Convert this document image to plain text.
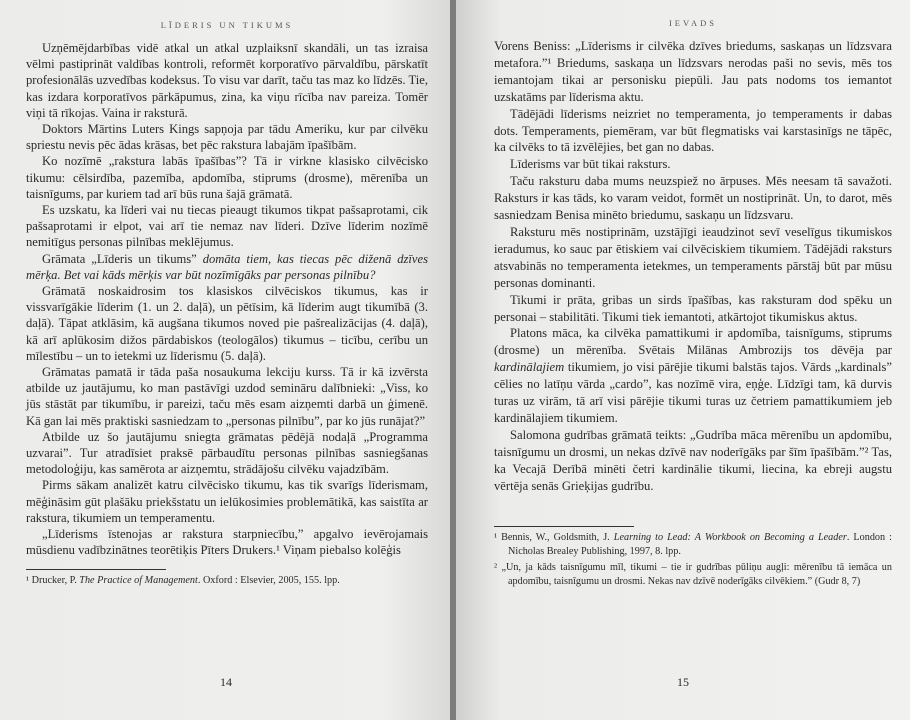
LĪDERIS UN TIKUMS

Uzņēmējdarbības vidē atkal un atkal uzplaiksnī skandāli, un tas izraisa vēlmi pastiprināt valdības kontroli, reformēt korporatīvo pārvaldību, pārskatīt profesionālās uzvedības kodeksus. To visu var darīt, taču tas maz ko līdzēs. Tie, kas izdara korporatīvos pārkāpumus, zina, ka viņu rīcība nav pareiza. Tomēr viņi tā rīkojas. Vaina ir raksturā.

Doktors Mārtins Luters Kings sapņoja par tādu Ameriku, kur par cilvēku spriestu nevis pēc ādas krāsas, bet pēc rakstura labajām īpašībām.

Ko nozīmē „rakstura labās īpašības”? Tā ir virkne klasisko cilvēcisko tikumu: cēlsirdība, pazemība, apdomība, stiprums (drosme), mērenība un taisnīgums, par kuriem tad arī būs runa šajā grāmatā.

Es uzskatu, ka līderi vai nu tiecas pieaugt tikumos tikpat pašsaprotami, cik pašsaprotami ir elpot, vai arī tie nemaz nav līderi. Dzīve līderim nozīmē nemitīgus personas pilnības meklējumus.

Grāmata „Līderis un tikums” domāta tiem, kas tiecas pēc diženā dzīves mērķa. Bet vai kāds mērķis var būt nozīmīgāks par personas pilnību?

Grāmatā noskaidrosim tos klasiskos cilvēciskos tikumus, kas ir vissvarīgākie līderim (1. un 2. daļā), un pētīsim, kā līderim augt tikumībā (3. daļā). Tāpat atklāsim, kā augšana tikumos noved pie pašrealizācijas (4. daļā), kā arī aplūkosim dižos pārdabiskos (teologālos) tikumus – ticību, cerību un mīlestību – un to ietekmi uz līderismu (5. daļā).

Grāmatas pamatā ir tāda paša nosaukuma lekciju kurss. Tā ir kā izvērsta atbilde uz jautājumu, ko man pastāvīgi uzdod semināru dalībnieki: „Viss, ko jūs stāstāt par tikumību, ir pareizi, taču mēs esam aizņemti darbā un ģimenē. Kā gan lai mēs praktiski sasniedzam to „personas pilnību”, par ko jūs runājat?”

Atbilde uz šo jautājumu sniegta grāmatas pēdējā nodaļā „Programma uzvarai”. Tur atradīsiet praksē pārbaudītu personas pilnības sasniegšanas metodoloģiju, kas samērota ar aizņemtu, strādājošu cilvēku vajadzībām.

Pirms sākam analizēt katru cilvēcisko tikumu, kas tik svarīgs līderismam, mēģināsim gūt plašāku priekšstatu un ielūkosimies problemātikā, kas saistīta ar rakstura, tikumiem un temperamentu.

„Līderisms īstenojas ar rakstura starpniecību,” apgalvo ievērojamais mūsdienu vadībzinātnes teorētiķis Pīters Drukers.¹ Viņam piebalso kolēģis

¹ Drucker, P. The Practice of Management. Oxford : Elsevier, 2005, 155. lpp.

14
IEVADS

Vorens Beniss: „Līderisms ir cilvēka dzīves briedums, saskaņas un līdzsvara metafora.”¹ Briedums, saskaņa un līdzsvars nerodas paši no sevis, mēs tos iemantojam tikai ar personisku piepūli. Jau pats nodoms tos iemantot uzskatāms par līderisma aktu.

Tādējādi līderisms neizriet no temperamenta, jo temperaments ir dabas dots. Temperaments, piemēram, var būt flegmatisks vai karstasinīgs ne tāpēc, ka cilvēks to tā izvēlējies, bet gan no dabas.

Līderisms var būt tikai raksturs.

Taču raksturu daba mums neuzspiež no ārpuses. Mēs neesam tā savažoti. Raksturs ir kas tāds, ko varam veidot, formēt un nostiprināt. Un, to darot, mēs sasniedzam Benisa minēto briedumu, saskaņu un līdzsvaru.

Raksturu mēs nostiprinām, uzstājīgi ieaudzinot sevī veselīgus tikumiskos ieradumus, ko sauc par ētiskiem vai cilvēciskiem tikumiem. Tādējādi raksturs atsvabinās no temperamenta ietekmes, un temperaments pārstāj būt par mūsu personas dominanti.

Tikumi ir prāta, gribas un sirds īpašības, kas raksturam dod spēku un personai – stabilitāti. Tikumi tiek iemantoti, atkārtojot tikumiskus aktus.

Platons māca, ka cilvēka pamattikumi ir apdomība, taisnīgums, stiprums (drosme) un mērenība. Svētais Milānas Ambrozijs tos dēvēja par kardinālajiem tikumiem, jo visi pārējie tikumi balstās tajos. Vārds „kardinals” cēlies no latīņu vārda „cardo”, kas nozīmē vira, eņģe. Līdzīgi tam, kā durvis turas uz virām, tā arī visi pārējie tikumi turas uz četriem pamattikumiem jeb kardinālajiem tikumiem.

Salomona gudrības grāmatā teikts: „Gudrība māca mērenību un apdomību, taisnīgumu un drosmi, un nekas dzīvē nav noderīgāks par šīm īpašībām.”² Tas, ka Vecajā Derībā minēti četri kardinālie tikumi, liecina, ka ebreji augstu vērtēja senās Grieķijas gudrību.

¹ Bennis, W., Goldsmith, J. Learning to Lead: A Workbook on Becoming a Leader. London : Nicholas Brealey Publishing, 1997, 8. lpp.

² „Un, ja kāds taisnīgumu mīl, tikumi – tie ir gudrības pūliņu augļi: mērenību tā iemāca un apdomību, taisnīgumu un drosmi. Nekas nav dzīvē noderīgāks cilvēkiem.” (Gudr 8, 7)

15
